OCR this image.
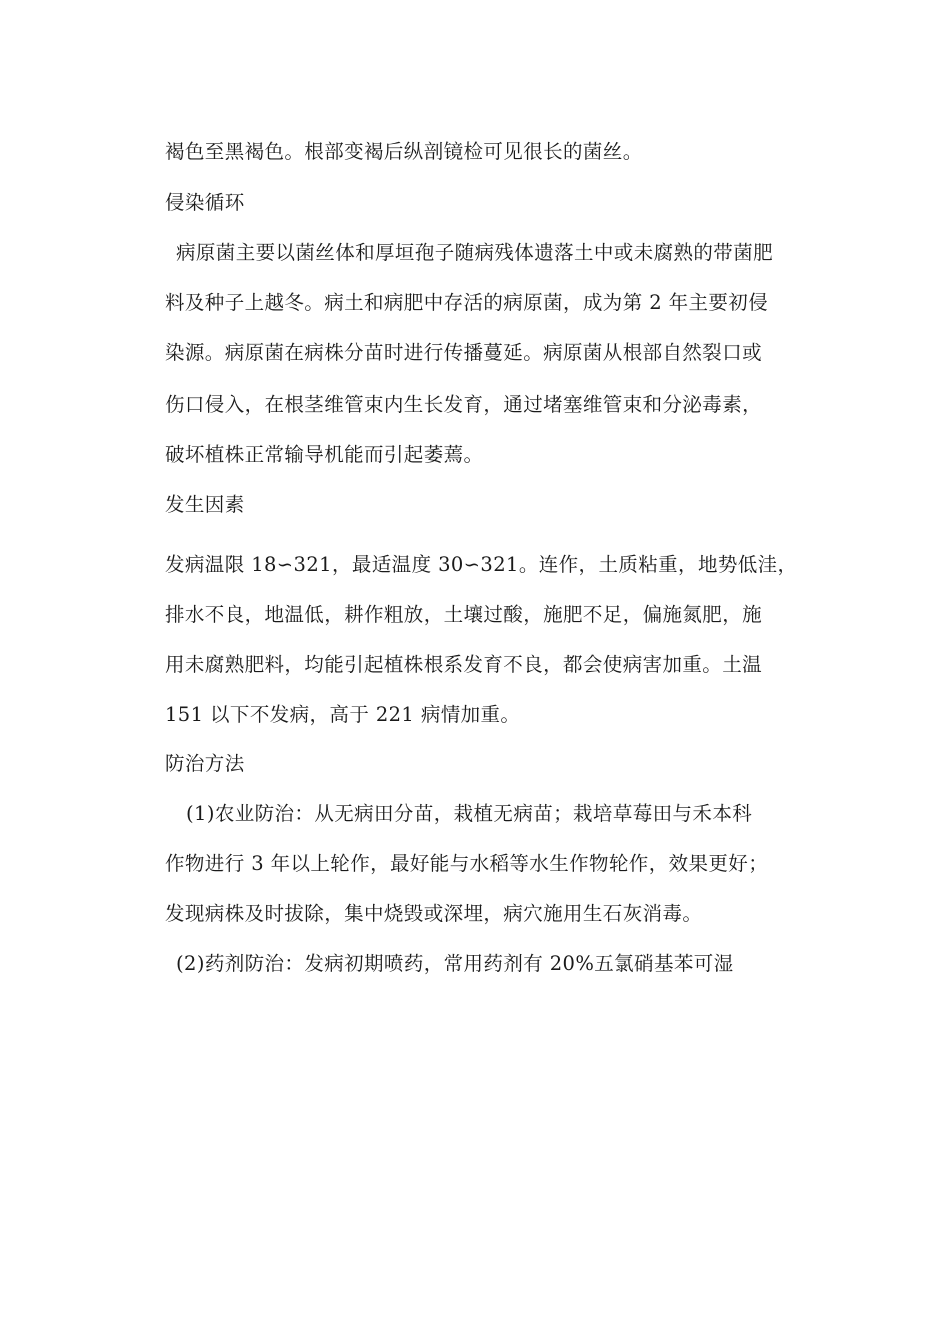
褐色至黑褐色。根部变褐后纵剖镜检可见很长的菌丝。
侵染循环
病原菌主要以菌丝体和厚垣孢子随病残体遗落土中或未腐熟的带菌肥
料及种子上越冬。病土和病肥中存活的病原菌，成为第 2 年主要初侵
染源。病原菌在病株分苗时进行传播蔓延。病原菌从根部自然裂口或
伤口侵入，在根茎维管束内生长发育，通过堵塞维管束和分泌毒素，
破坏植株正常输导机能而引起萎蔫。
发生因素
发病温限 18∽321，最适温度 30∽321。连作，土质粘重，地势低洼，
排水不良，地温低，耕作粗放，土壤过酸，施肥不足，偏施氮肥，施
用未腐熟肥料，均能引起植株根系发育不良，都会使病害加重。土温
151 以下不发病，高于 221 病情加重。
防治方法
(1)农业防治：从无病田分苗，栽植无病苗；栽培草莓田与禾本科
作物进行 3 年以上轮作，最好能与水稻等水生作物轮作，效果更好；
发现病株及时拔除，集中烧毁或深埋，病穴施用生石灰消毒。
(2)药剂防治：发病初期喷药，常用药剂有 20%五氯硝基苯可湿
